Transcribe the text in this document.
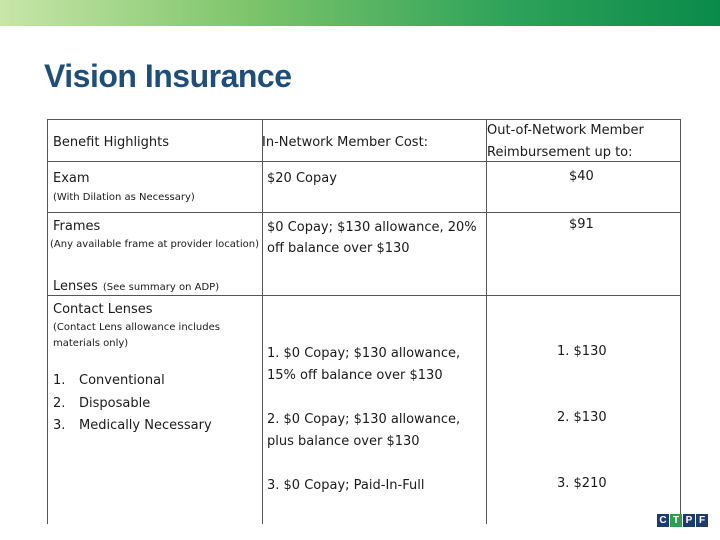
Vision Insurance
Benefit Highlights	In-Network Member Cost:
Out-of-Network Member
Reimbursement up to:
Exam
(With Dilation as Necessary)
$20 Copay	$40
Frames
(Any available frame at provider location)
$0 Copay; $130 allowance, 20%
off balance over $130
$91
Lenses (See summary on ADP)
Contact Lenses
(Contact Lens allowance includes
materials only)
1. Conventional
2. Disposable
3. Medically Necessary
1. $0 Copay; $130 allowance,
15% off balance over $130
2. $0 Copay; $130 allowance,
plus balance over $130
3. $0 Copay; Paid-In-Full
1. $130
2. $130
3. $210
C T P F
